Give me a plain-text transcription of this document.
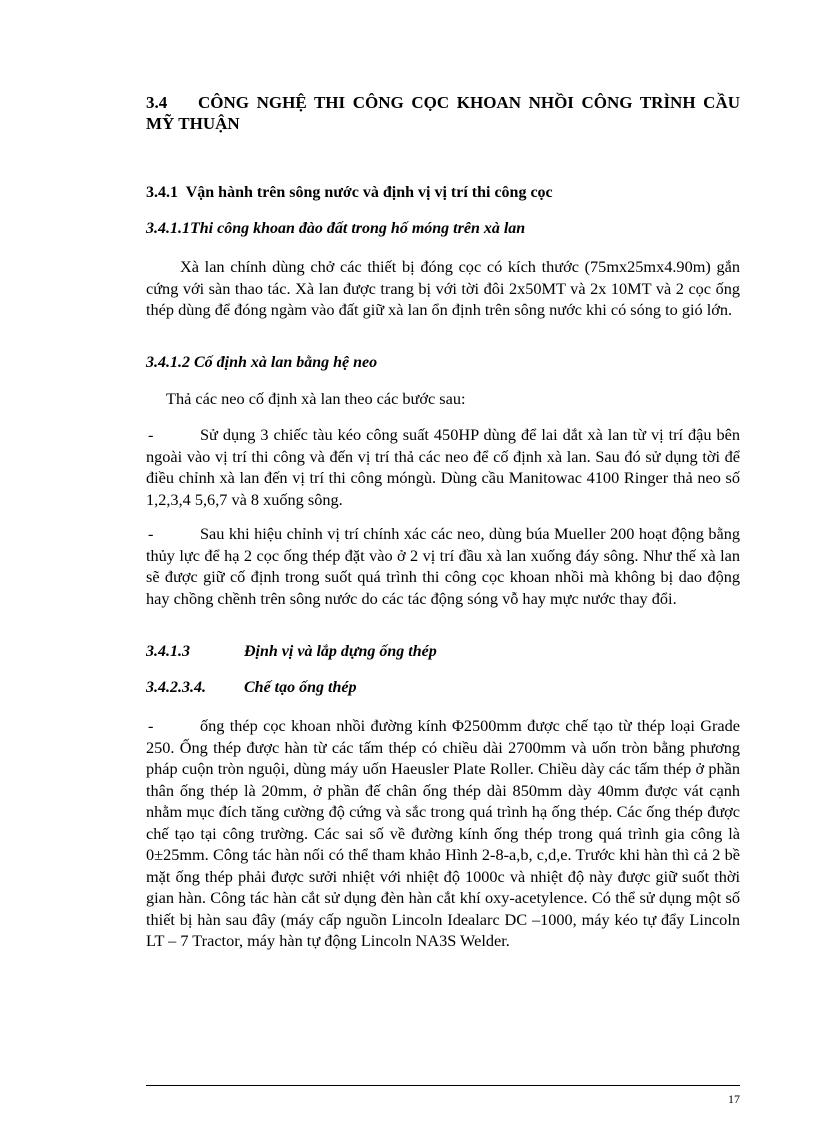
3.4 CÔNG NGHỆ THI CÔNG CỌC KHOAN NHỒI CÔNG TRÌNH CẦU
MỸ THUẬN
3.4.1  Vận hành trên sông nước và định vị vị trí thi công cọc
3.4.1.1Thi công khoan đào đất trong hố móng trên xà lan
Xà lan chính dùng chở các thiết bị đóng cọc có kích thước (75mx25mx4.90m) gắn cứng với sàn thao tác. Xà lan được trang bị với tời đôi 2x50MT và 2x 10MT và 2 cọc ống thép dùng để đóng ngàm vào đất giữ xà lan ổn định trên sông nước khi có sóng to gió lớn.
3.4.1.2 Cố định xà lan bằng hệ neo
Thả các neo cố định xà lan theo các bước sau:
-	Sử dụng 3 chiếc tàu kéo công suất 450HP dùng để lai dắt xà lan từ vị trí đậu bên ngoài vào vị trí thi công và đến vị trí thả các neo để cố định xà lan. Sau đó sử dụng tời để điều chỉnh xà lan đến vị trí thi công móngù. Dùng cầu Manitowac 4100 Ringer thả neo số 1,2,3,4 5,6,7 và 8 xuống sông.
-	Sau khi hiệu chỉnh vị trí chính xác các neo, dùng búa Mueller 200 hoạt động bằng thủy lực để hạ 2 cọc ống thép đặt vào ở 2 vị trí đầu xà lan xuống đáy sông. Như thế xà lan sẽ được giữ cố định trong suốt quá trình thi công cọc khoan nhồi mà không bị dao động hay chồng chềnh trên sông nước do các tác động sóng vỗ hay mực nước thay đổi.
3.4.1.3	Định vị và lắp dựng ống thép
3.4.2.3.4. Chế tạo ống thép
-	ống thép cọc khoan nhồi đường kính Φ2500mm được chế tạo từ thép loại Grade 250. Ống thép được hàn từ các tấm thép có chiều dài 2700mm và uốn tròn bằng phương pháp cuộn tròn nguội, dùng máy uốn Haeusler Plate Roller. Chiều dày các tấm thép ở phần thân ống thép là 20mm, ở phần đế chân ống thép dài 850mm dày 40mm được vát cạnh nhằm mục đích tăng cường độ cứng và sắc trong quá trình hạ ống thép. Các ống thép được chế tạo tại công trường. Các sai số về đường kính ống thép trong quá trình gia công là 0±25mm. Công tác hàn nối có thể tham khảo Hình 2-8-a,b, c,d,e. Trước khi hàn thì cả 2 bề mặt ống thép phải được sưởi nhiệt với nhiệt độ 1000c và nhiệt độ này được giữ suốt thời gian hàn. Công tác hàn cắt sử dụng đèn hàn cắt khí oxy-acetylence. Có thể sử dụng một số thiết bị hàn sau đây (máy cấp nguồn Lincoln Idealarc DC –1000, máy kéo tự đẩy Lincoln LT – 7 Tractor, máy hàn tự động Lincoln NA3S Welder.
17
